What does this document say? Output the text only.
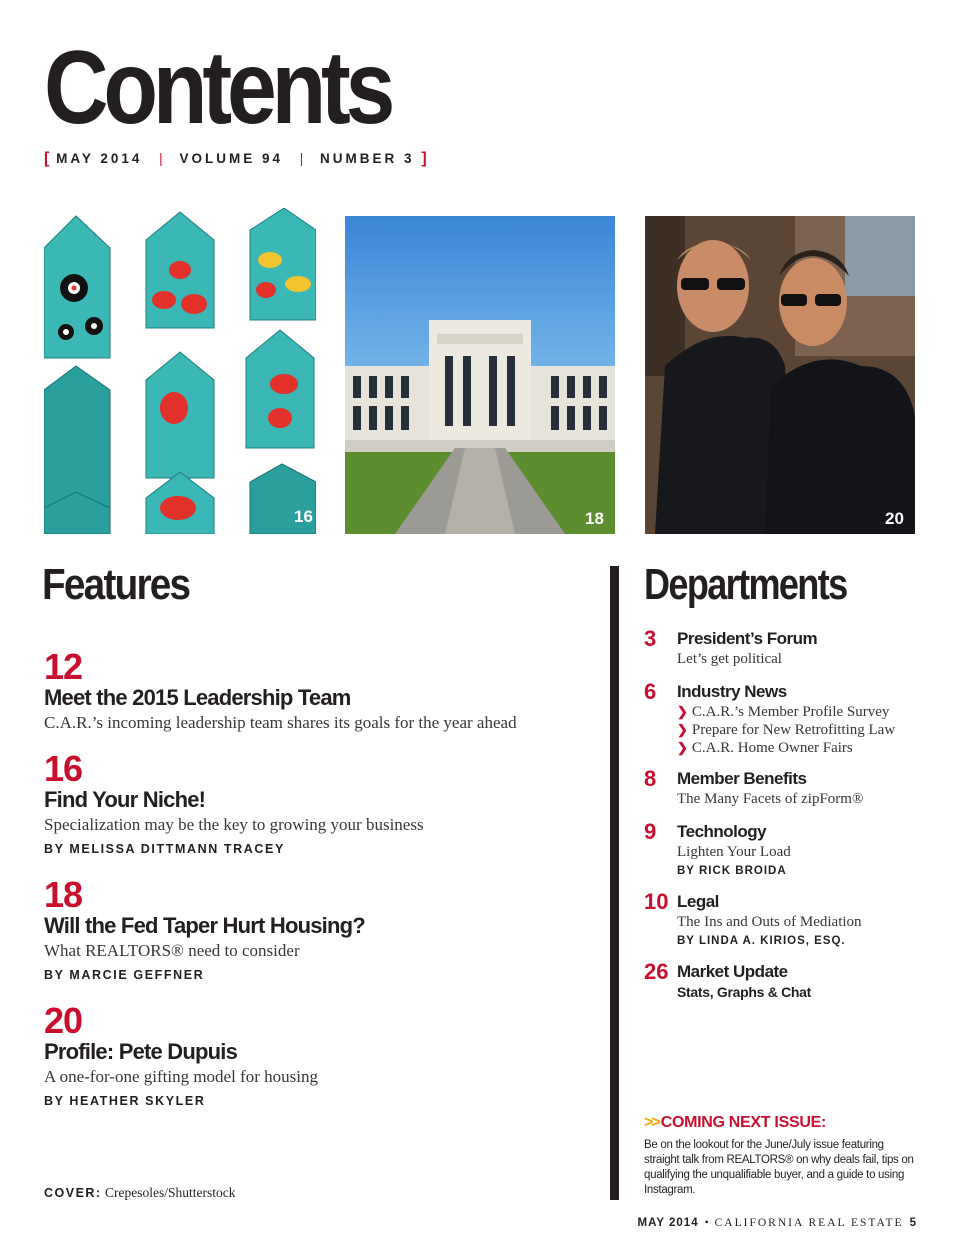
Contents
[ MAY 2014 | VOLUME 94 | NUMBER 3 ]
16	18	20
Features	Departments
12
Meet the 2015 Leadership Team
C.A.R.’s incoming leadership team shares its goals for the year ahead
16
Find Your Niche!
Specialization may be the key to growing your business
BY MELISSA DITTMANN TRACEY
18
Will the Fed Taper Hurt Housing?
What REALTORS® need to consider
BY MARCIE GEFFNER
20
Profile: Pete Dupuis
A one-for-one gifting model for housing
BY HEATHER SKYLER
3 President’s Forum
Let’s get political
6 Industry News
❯ C.A.R.’s Member Profile Survey
❯ Prepare for New Retrofitting Law
❯ C.A.R. Home Owner Fairs
8 Member Benefits
The Many Facets of zipForm®
9 Technology
Lighten Your Load
BY RICK BROIDA
10 Legal
The Ins and Outs of Mediation
BY LINDA A. KIRIOS, ESQ.
26 Market Update
Stats, Graphs & Chat
>> COMING NEXT ISSUE:
Be on the lookout for the June/July issue featuring straight talk from REALTORS® on why deals fail, tips on qualifying the unqualifiable buyer, and a guide to using Instagram.
COVER: Crepesoles/Shutterstock
MAY 2014 • CALIFORNIA REAL ESTATE 5
